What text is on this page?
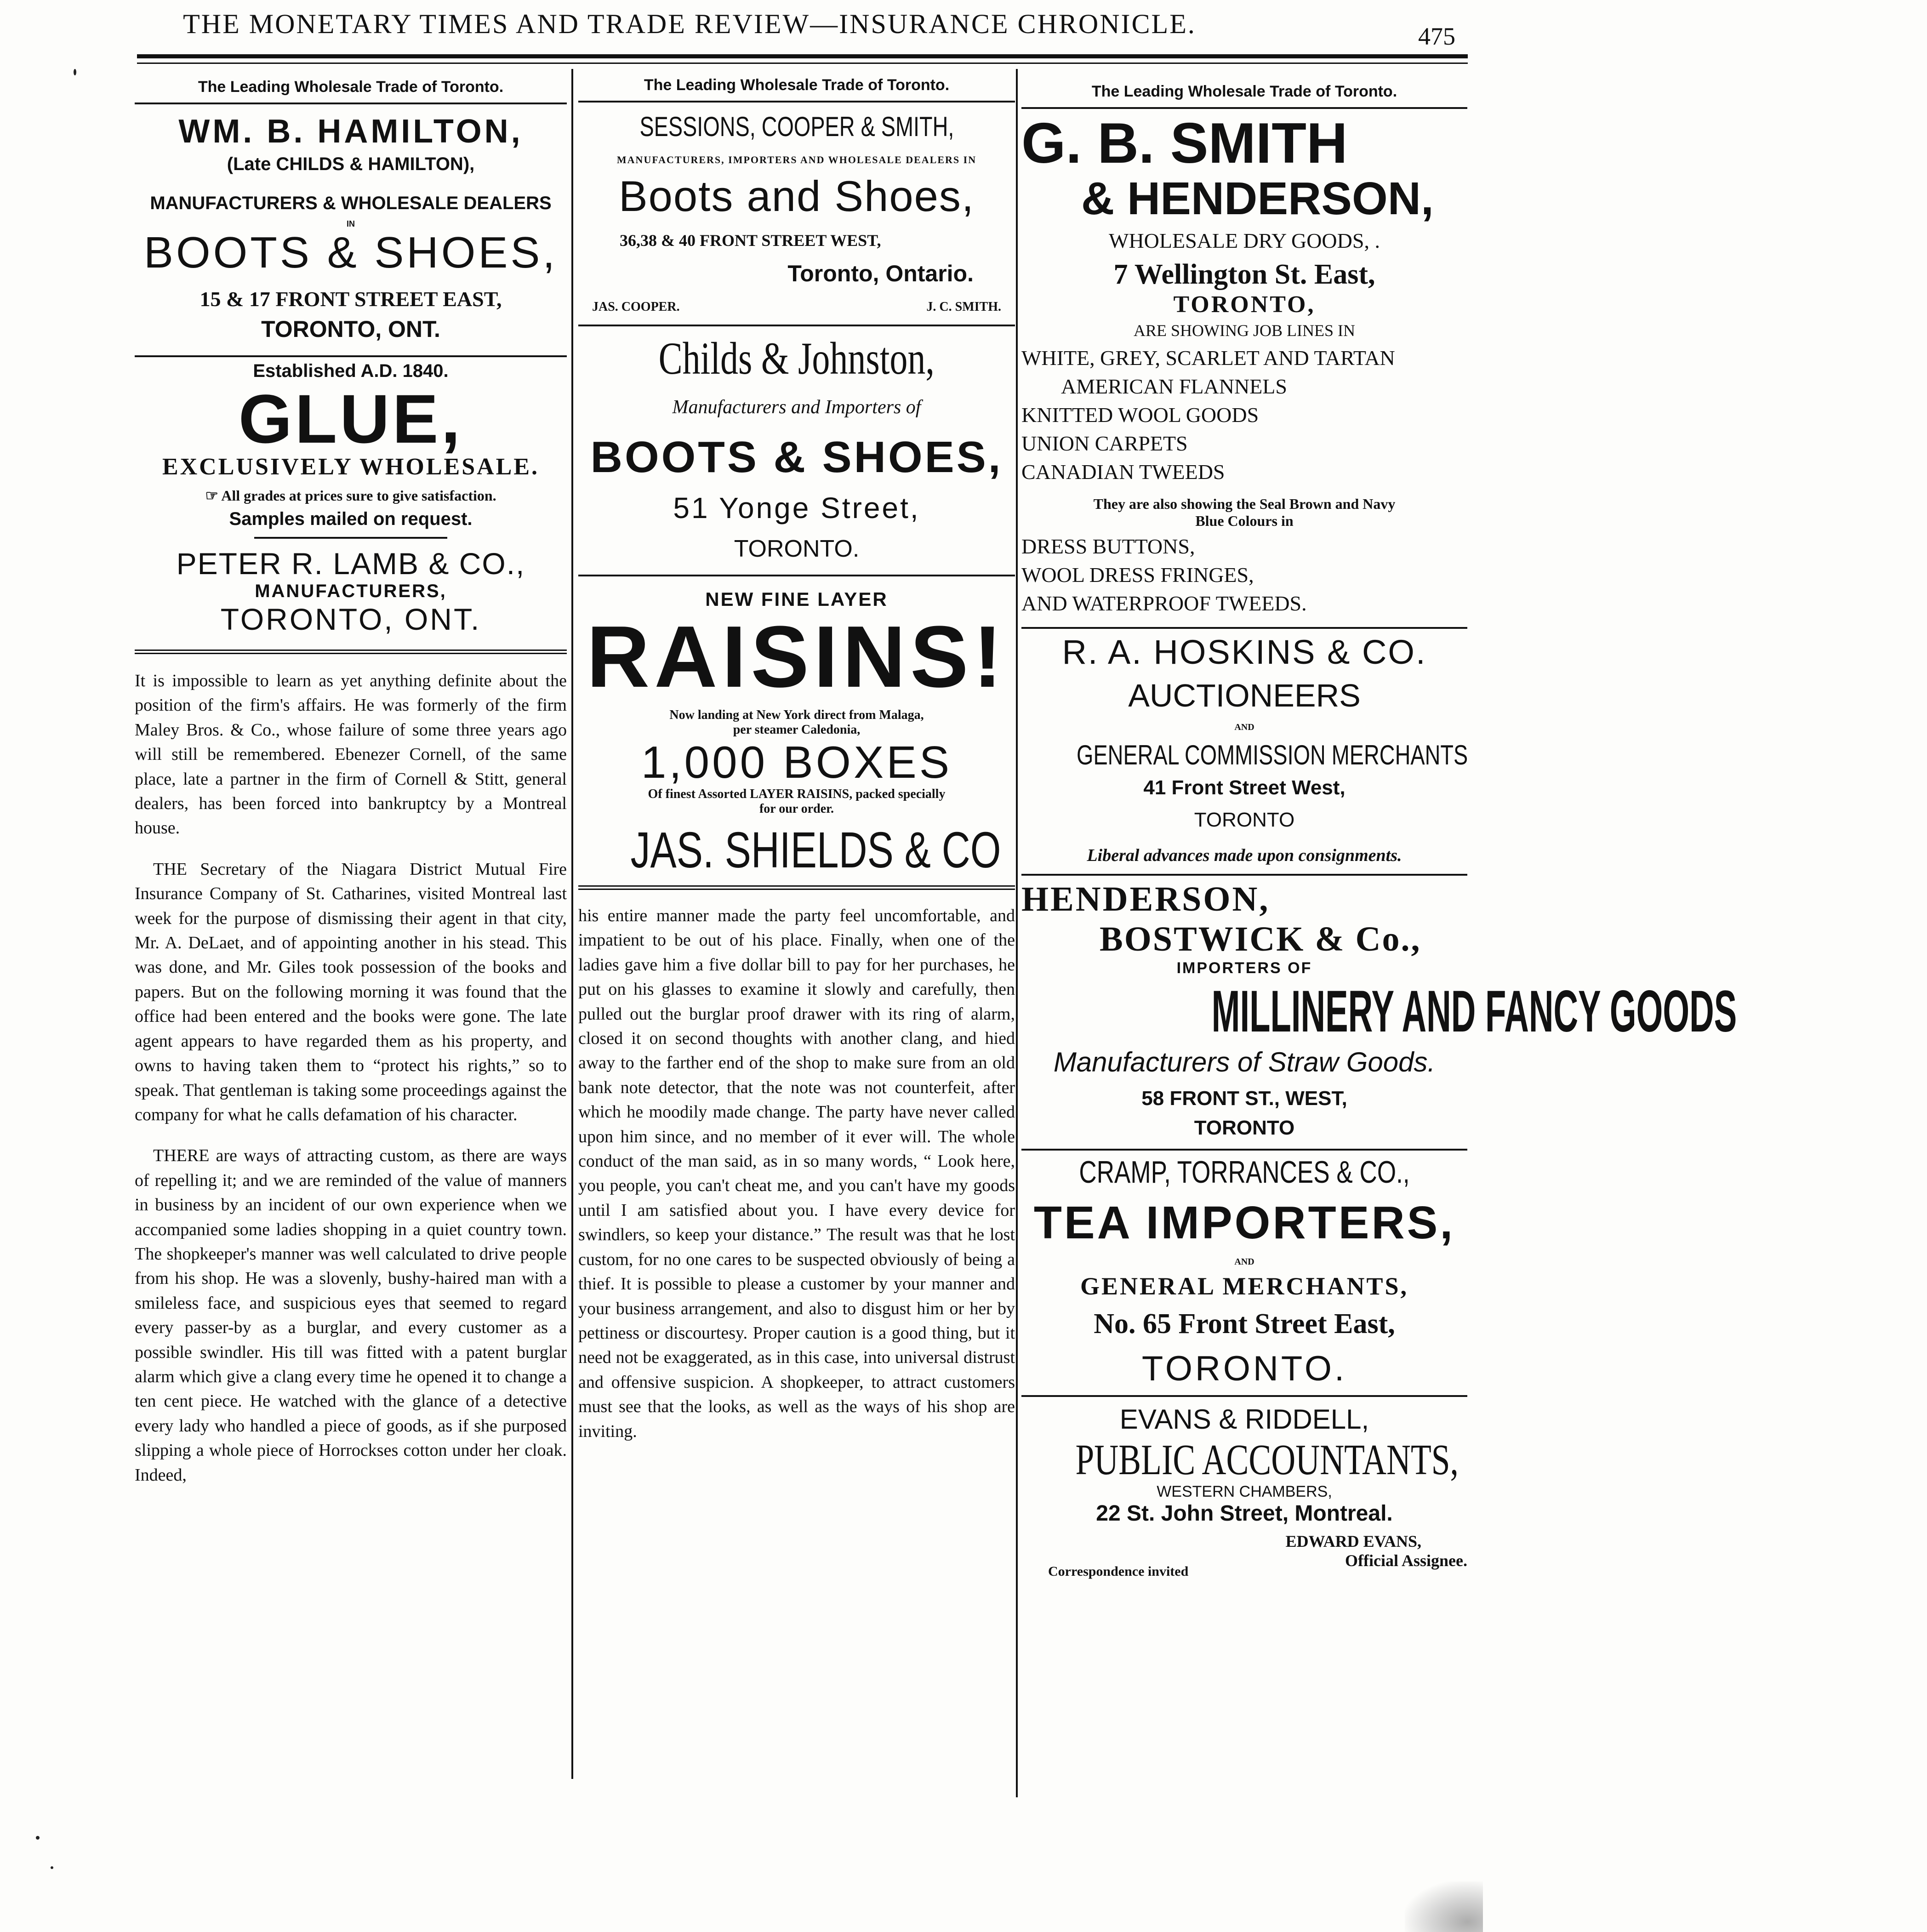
THE MONETARY TIMES AND TRADE REVIEW—INSURANCE CHRONICLE.	475
The Leading Wholesale Trade of Toronto.
WM. B. HAMILTON,
(Late CHILDS & HAMILTON),
MANUFACTURERS & WHOLESALE DEALERS
IN
BOOTS & SHOES,
15 & 17 FRONT STREET EAST,
TORONTO, ONT.
Established A.D. 1840.
GLUE,
EXCLUSIVELY WHOLESALE.
☞ All grades at prices sure to give satisfaction.
Samples mailed on request.
PETER R. LAMB & CO.,
MANUFACTURERS,
TORONTO, ONT.

It is impossible to learn as yet anything definite about the position of the firm's affairs. He was formerly of the firm Maley Bros. & Co., whose failure of some three years ago will still be remembered. Ebenezer Cornell, of the same place, late a partner in the firm of Cornell & Stitt, general dealers, has been forced into bankruptcy by a Montreal house.

THE Secretary of the Niagara District Mutual Fire Insurance Company of St. Catharines, visited Montreal last week for the purpose of dismissing their agent in that city, Mr. A. DeLaet, and of appointing another in his stead. This was done, and Mr. Giles took possession of the books and papers. But on the following morning it was found that the office had been entered and the books were gone. The late agent appears to have regarded them as his property, and owns to having taken them to “protect his rights,” so to speak. That gentleman is taking some proceedings against the company for what he calls defamation of his character.

THERE are ways of attracting custom, as there are ways of repelling it; and we are reminded of the value of manners in business by an incident of our own experience when we accompanied some ladies shopping in a quiet country town. The shopkeeper's manner was well calculated to drive people from his shop. He was a slovenly, bushy-haired man with a smileless face, and suspicious eyes that seemed to regard every passer-by as a burglar, and every customer as a possible swindler. His till was fitted with a patent burglar alarm which give a clang every time he opened it to change a ten cent piece. He watched with the glance of a detective every lady who handled a piece of goods, as if she purposed slipping a whole piece of Horrockses cotton under her cloak. Indeed,

The Leading Wholesale Trade of Toronto.
SESSIONS, COOPER & SMITH,
MANUFACTURERS, IMPORTERS AND WHOLESALE DEALERS IN
Boots and Shoes,
36,38 & 40 FRONT STREET WEST,
Toronto, Ontario.
JAS. COOPER.	J. C. SMITH.
Childs & Johnston,
Manufacturers and Importers of
BOOTS & SHOES,
51 Yonge Street,
TORONTO.
NEW FINE LAYER
RAISINS!
Now landing at New York direct from Malaga,
per steamer Caledonia,
1,000 BOXES
Of finest Assorted LAYER RAISINS, packed specially
for our order.
JAS. SHIELDS & CO

his entire manner made the party feel uncomfortable, and impatient to be out of his place. Finally, when one of the ladies gave him a five dollar bill to pay for her purchases, he put on his glasses to examine it slowly and carefully, then pulled out the burglar proof drawer with its ring of alarm, closed it on second thoughts with another clang, and hied away to the farther end of the shop to make sure from an old bank note detector, that the note was not counterfeit, after which he moodily made change. The party have never called upon him since, and no member of it ever will. The whole conduct of the man said, as in so many words, “ Look here, you people, you can't cheat me, and you can't have my goods until I am satisfied about you. I have every device for swindlers, so keep your distance.” The result was that he lost custom, for no one cares to be suspected obviously of being a thief. It is possible to please a customer by your manner and your business arrangement, and also to disgust him or her by pettiness or discourtesy. Proper caution is a good thing, but it need not be exaggerated, as in this case, into universal distrust and offensive suspicion. A shopkeeper, to attract customers must see that the looks, as well as the ways of his shop are inviting.

The Leading Wholesale Trade of Toronto.
G. B. SMITH
& HENDERSON,
WHOLESALE DRY GOODS, .
7 Wellington St. East,
TORONTO,
ARE SHOWING JOB LINES IN
WHITE, GREY, SCARLET AND TARTAN
AMERICAN FLANNELS
KNITTED WOOL GOODS
UNION CARPETS
CANADIAN TWEEDS
They are also showing the Seal Brown and Navy
Blue Colours in
DRESS BUTTONS,
WOOL DRESS FRINGES,
AND WATERPROOF TWEEDS.
R. A. HOSKINS & CO.
AUCTIONEERS
AND
GENERAL COMMISSION MERCHANTS
41 Front Street West,
TORONTO
Liberal advances made upon consignments.
HENDERSON,
BOSTWICK & Co.,
IMPORTERS OF
MILLINERY AND FANCY GOODS
Manufacturers of Straw Goods.
58 FRONT ST., WEST,
TORONTO
CRAMP, TORRANCES & CO.,
TEA IMPORTERS,
AND
GENERAL MERCHANTS,
No. 65 Front Street East,
TORONTO.
EVANS & RIDDELL,
PUBLIC ACCOUNTANTS,
WESTERN CHAMBERS,
22 St. John Street, Montreal.
EDWARD EVANS,
Correspondence invited
Official Assignee.
